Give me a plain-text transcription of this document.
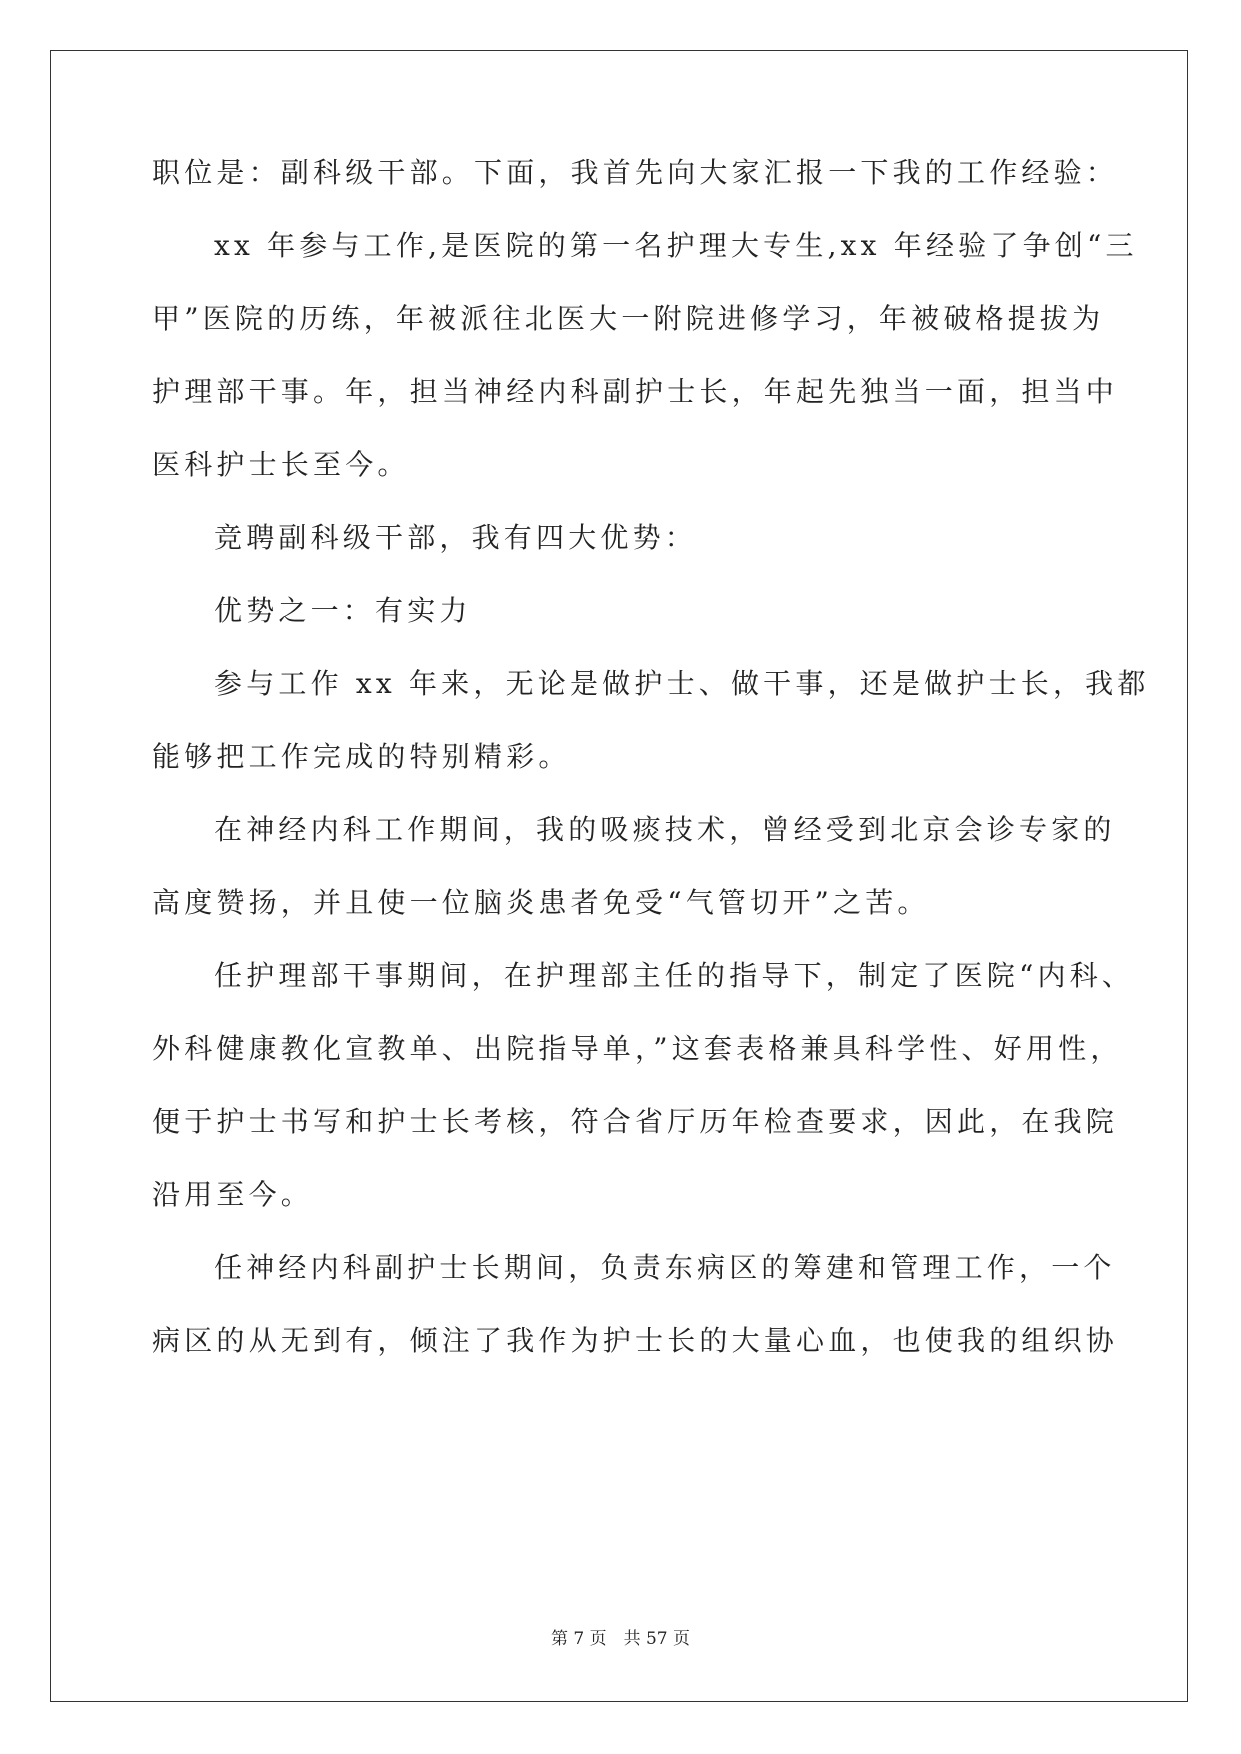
职位是：副科级干部。下面，我首先向大家汇报一下我的工作经验：
xx 年参与工作,是医院的第一名护理大专生,xx 年经验了争创“三
甲”医院的历练，年被派往北医大一附院进修学习，年被破格提拔为
护理部干事。年，担当神经内科副护士长，年起先独当一面，担当中
医科护士长至今。
竞聘副科级干部，我有四大优势：
优势之一：有实力
参与工作 xx 年来，无论是做护士、做干事，还是做护士长，我都
能够把工作完成的特别精彩。
在神经内科工作期间，我的吸痰技术，曾经受到北京会诊专家的
高度赞扬，并且使一位脑炎患者免受“气管切开”之苦。
任护理部干事期间，在护理部主任的指导下，制定了医院“内科、
外科健康教化宣教单、出院指导单，”这套表格兼具科学性、好用性，
便于护士书写和护士长考核，符合省厅历年检查要求，因此，在我院
沿用至今。
任神经内科副护士长期间，负责东病区的筹建和管理工作，一个
病区的从无到有，倾注了我作为护士长的大量心血，也使我的组织协
第 7 页　共 57 页
